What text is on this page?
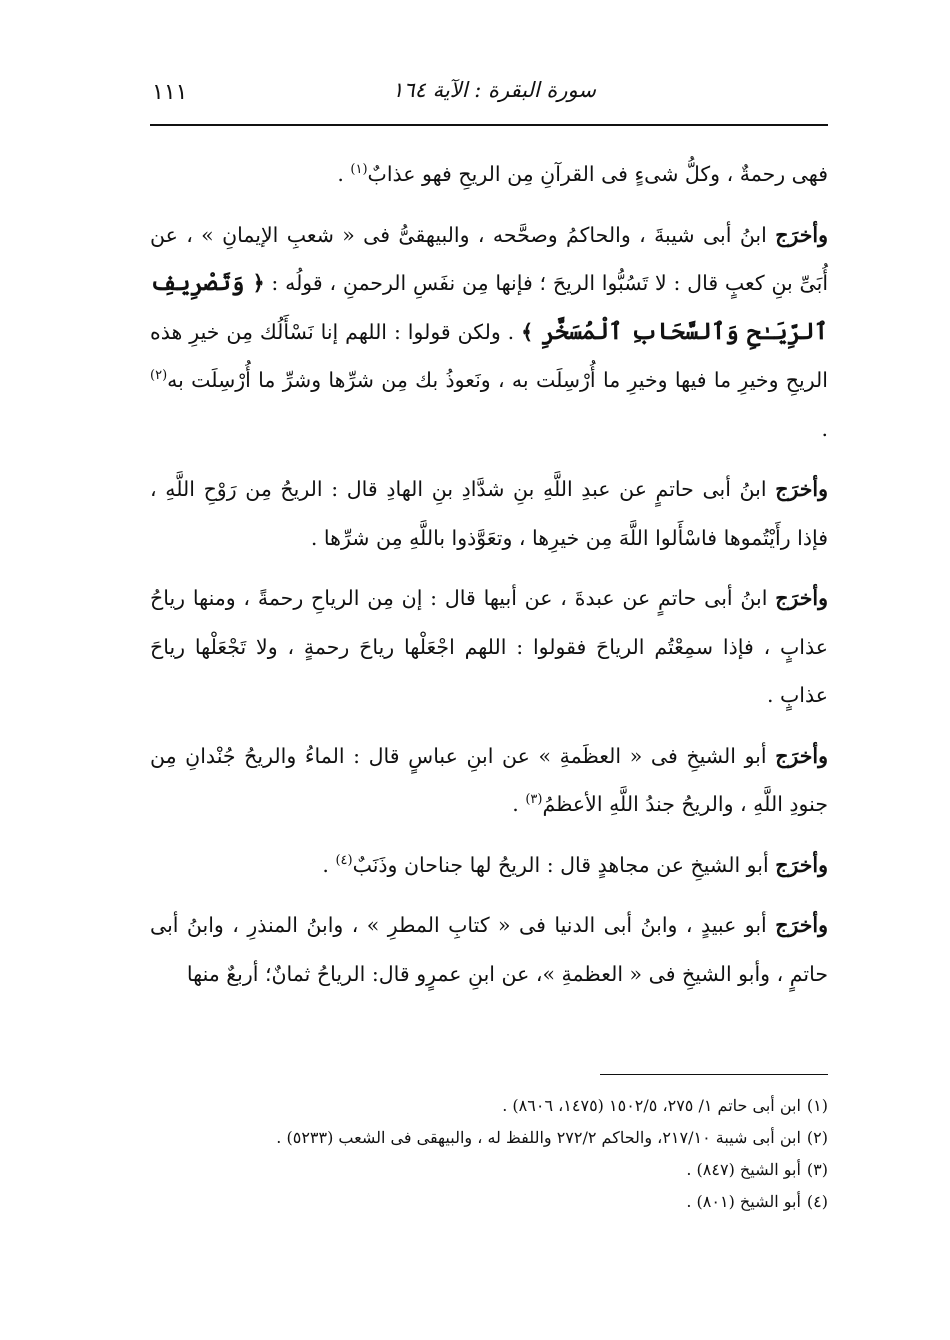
١١١	سورة البقرة : الآية ١٦٤

فهى رحمةٌ ، وكلُّ شىءٍ فى القرآنِ مِن الريحِ فهو عذابٌ$^{(١)}$ .

وأخرَج ابنُ أبى شيبةَ ، والحاكمُ وصحَّحه ، والبيهقىُّ فى « شعبِ الإيمانِ » ، عن أُبَىِّ بنِ كعبٍ قال : لا تَسُبُّوا الريحَ ؛ فإنها مِن نفَسِ الرحمنِ ، قولُه : ﴿ وَتَصْرِيفِ ٱلرِّيَـٰحِ وَٱلسَّحَابِ ٱلْمُسَخَّرِ ﴾ . ولكن قولوا : اللهم إنا نَسْأَلُك مِن خيرِ هذه الريحِ وخيرِ ما فيها وخيرِ ما أُرْسِلَت به ، ونَعوذُ بك مِن شرِّها وشرِّ ما أُرْسِلَت به$^{(٢)}$ .

وأخرَج ابنُ أبى حاتمٍ عن عبدِ اللَّهِ بنِ شدَّادِ بنِ الهادِ قال : الريحُ مِن رَوْحِ اللَّهِ ، فإذا رأَيْتُموها فاسْأَلوا اللَّهَ مِن خيرِها ، وتعَوَّذوا باللَّهِ مِن شرِّها .

وأخرَج ابنُ أبى حاتمٍ عن عبدةَ ، عن أبيها قال : إن مِن الرياحِ رحمةً ، ومنها رياحُ عذابٍ ، فإذا سمِعْتُم الرياحَ فقولوا : اللهم اجْعَلْها رياحَ رحمةٍ ، ولا تَجْعَلْها رياحَ عذابٍ .

وأخرَج أبو الشيخِ فى « العظَمةِ » عن ابنِ عباسٍ قال : الماءُ والريحُ جُنْدانِ مِن جنودِ اللَّهِ ، والريحُ جندُ اللَّهِ الأعظمُ$^{(٣)}$ .

وأخرَج أبو الشيخِ عن مجاهدٍ قال : الريحُ لها جناحان وذَنَبٌ$^{(٤)}$ .

وأخرَج أبو عبيدٍ ، وابنُ أبى الدنيا فى « كتابِ المطرِ » ، وابنُ المنذرِ ، وابنُ أبى حاتمٍ ، وأبو الشيخِ فى « العظمةِ »، عن ابنِ عمرٍو قال: الرياحُ ثمانٌ؛ أربعٌ منها

(١)ابن أبى حاتم ١/ ٢٧٥، ١٥٠٢/٥ (١٤٧٥، ٨٦٠٦) .
(٢)ابن أبى شيبة ٢١٧/١٠، والحاكم ٢٧٢/٢ واللفظ له ، والبيهقى فى الشعب (٥٢٣٣) .
(٣)أبو الشيخ (٨٤٧) .
(٤)أبو الشيخ (٨٠١) .
